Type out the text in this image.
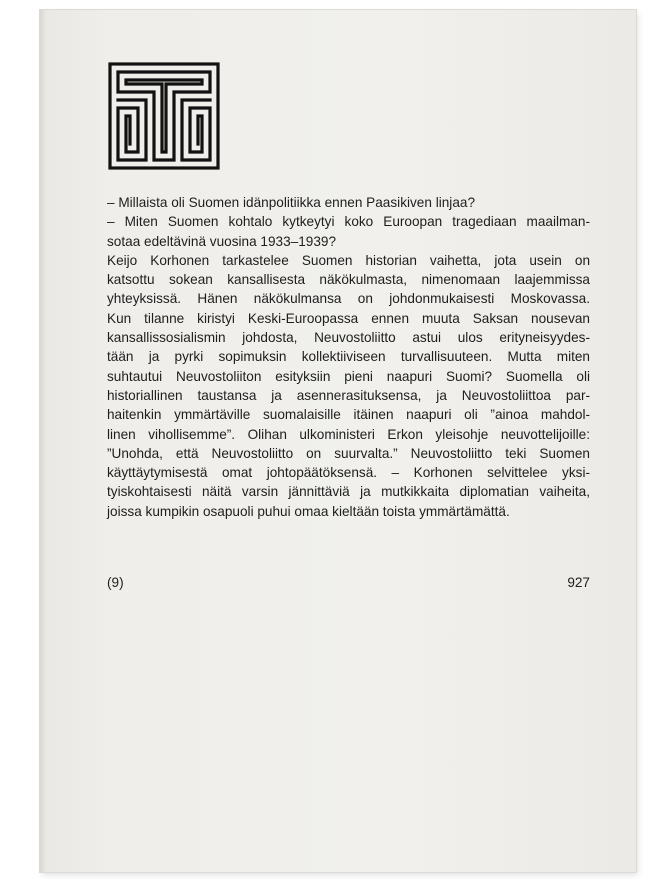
– Millaista oli Suomen idänpolitiikka ennen Paasikiven linjaa?
– Miten Suomen kohtalo kytkeytyi koko Euroopan tragediaan maailman-
sotaa edeltävinä vuosina 1933–1939?
Keijo Korhonen tarkastelee Suomen historian vaihetta, jota usein on
katsottu sokean kansallisesta näkökulmasta, nimenomaan laajemmissa
yhteyksissä. Hänen näkökulmansa on johdonmukaisesti Moskovassa.
Kun tilanne kiristyi Keski-Euroopassa ennen muuta Saksan nousevan
kansallissosialismin johdosta, Neuvostoliitto astui ulos erityneisyydes-
tään ja pyrki sopimuksin kollektiiviseen turvallisuuteen. Mutta miten
suhtautui Neuvostoliiton esityksiin pieni naapuri Suomi? Suomella oli
historiallinen taustansa ja asennerasituksensa, ja Neuvostoliittoa par-
haitenkin ymmärtäville suomalaisille itäinen naapuri oli ”ainoa mahdol-
linen vihollisemme”. Olihan ulkoministeri Erkon yleisohje neuvottelijoille:
”Unohda, että Neuvostoliitto on suurvalta.” Neuvostoliitto teki Suomen
käyttäytymisestä omat johtopäätöksensä. – Korhonen selvittelee yksi-
tyiskohtaisesti näitä varsin jännittäviä ja mutkikkaita diplomatian vaiheita,
joissa kumpikin osapuoli puhui omaa kieltään toista ymmärtämättä.
(9)	927
